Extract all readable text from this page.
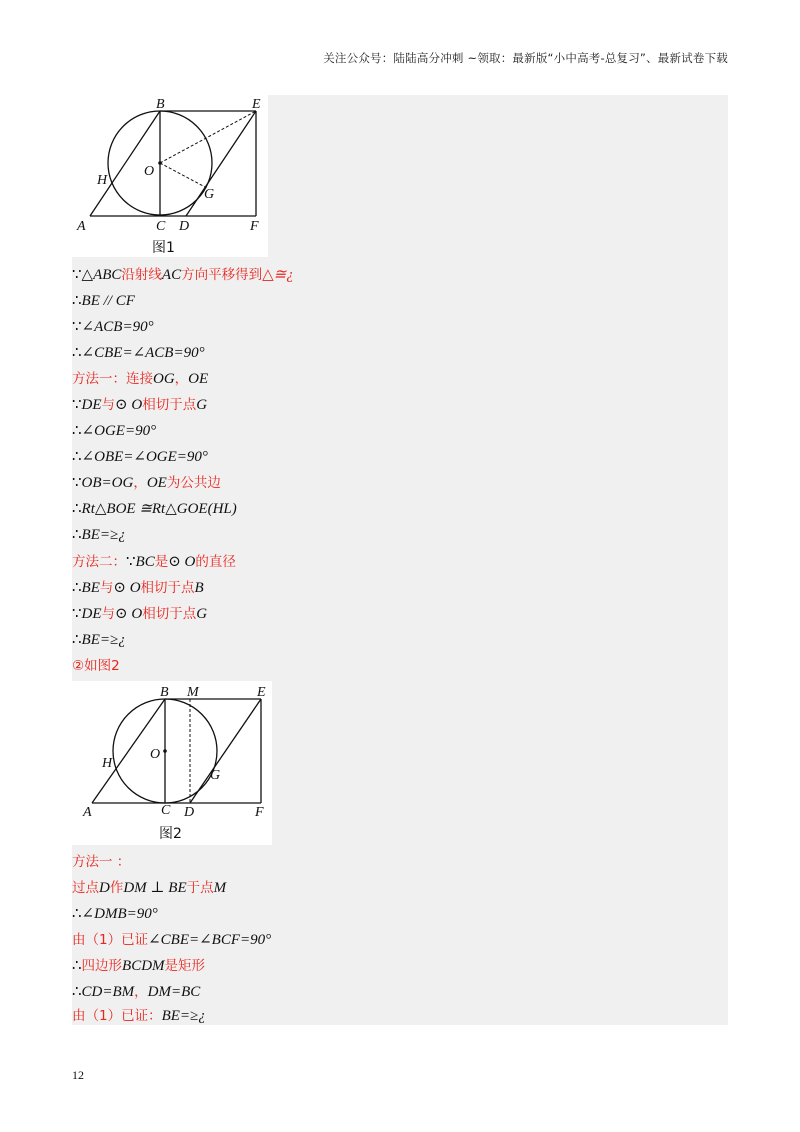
关注公众号：陆陆高分冲刺 ~领取：最新版“小中高考-总复习”、最新试卷下载
B	E
O
H
G
A	C D	F
图1
∵△ABC沿射线AC方向平移得到△≅¿
∴BE // CF
∵∠ACB=90°
∴∠CBE=∠ACB=90°
方法一：连接OG，OE
∵DE与⊙ O相切于点G
∴∠OGE=90°
∴∠OBE=∠OGE=90°
∵OB=OG，OE为公共边
∴Rt△BOE ≅Rt△GOE(HL)
∴BE=≥¿
方法二：∵BC是⊙ O的直径
∴BE与⊙ O相切于点B
∵DE与⊙ O相切于点G
∴BE=≥¿
②如图2
B M	E
O
H
G
A	C D	F
图2
方法一 ：
过点D作DM ⊥ BE于点M
∴∠DMB=90°
由（1）已证∠CBE=∠BCF=90°
∴四边形BCDM是矩形
∴CD=BM，DM=BC
由（1）已证：BE=≥¿
12
